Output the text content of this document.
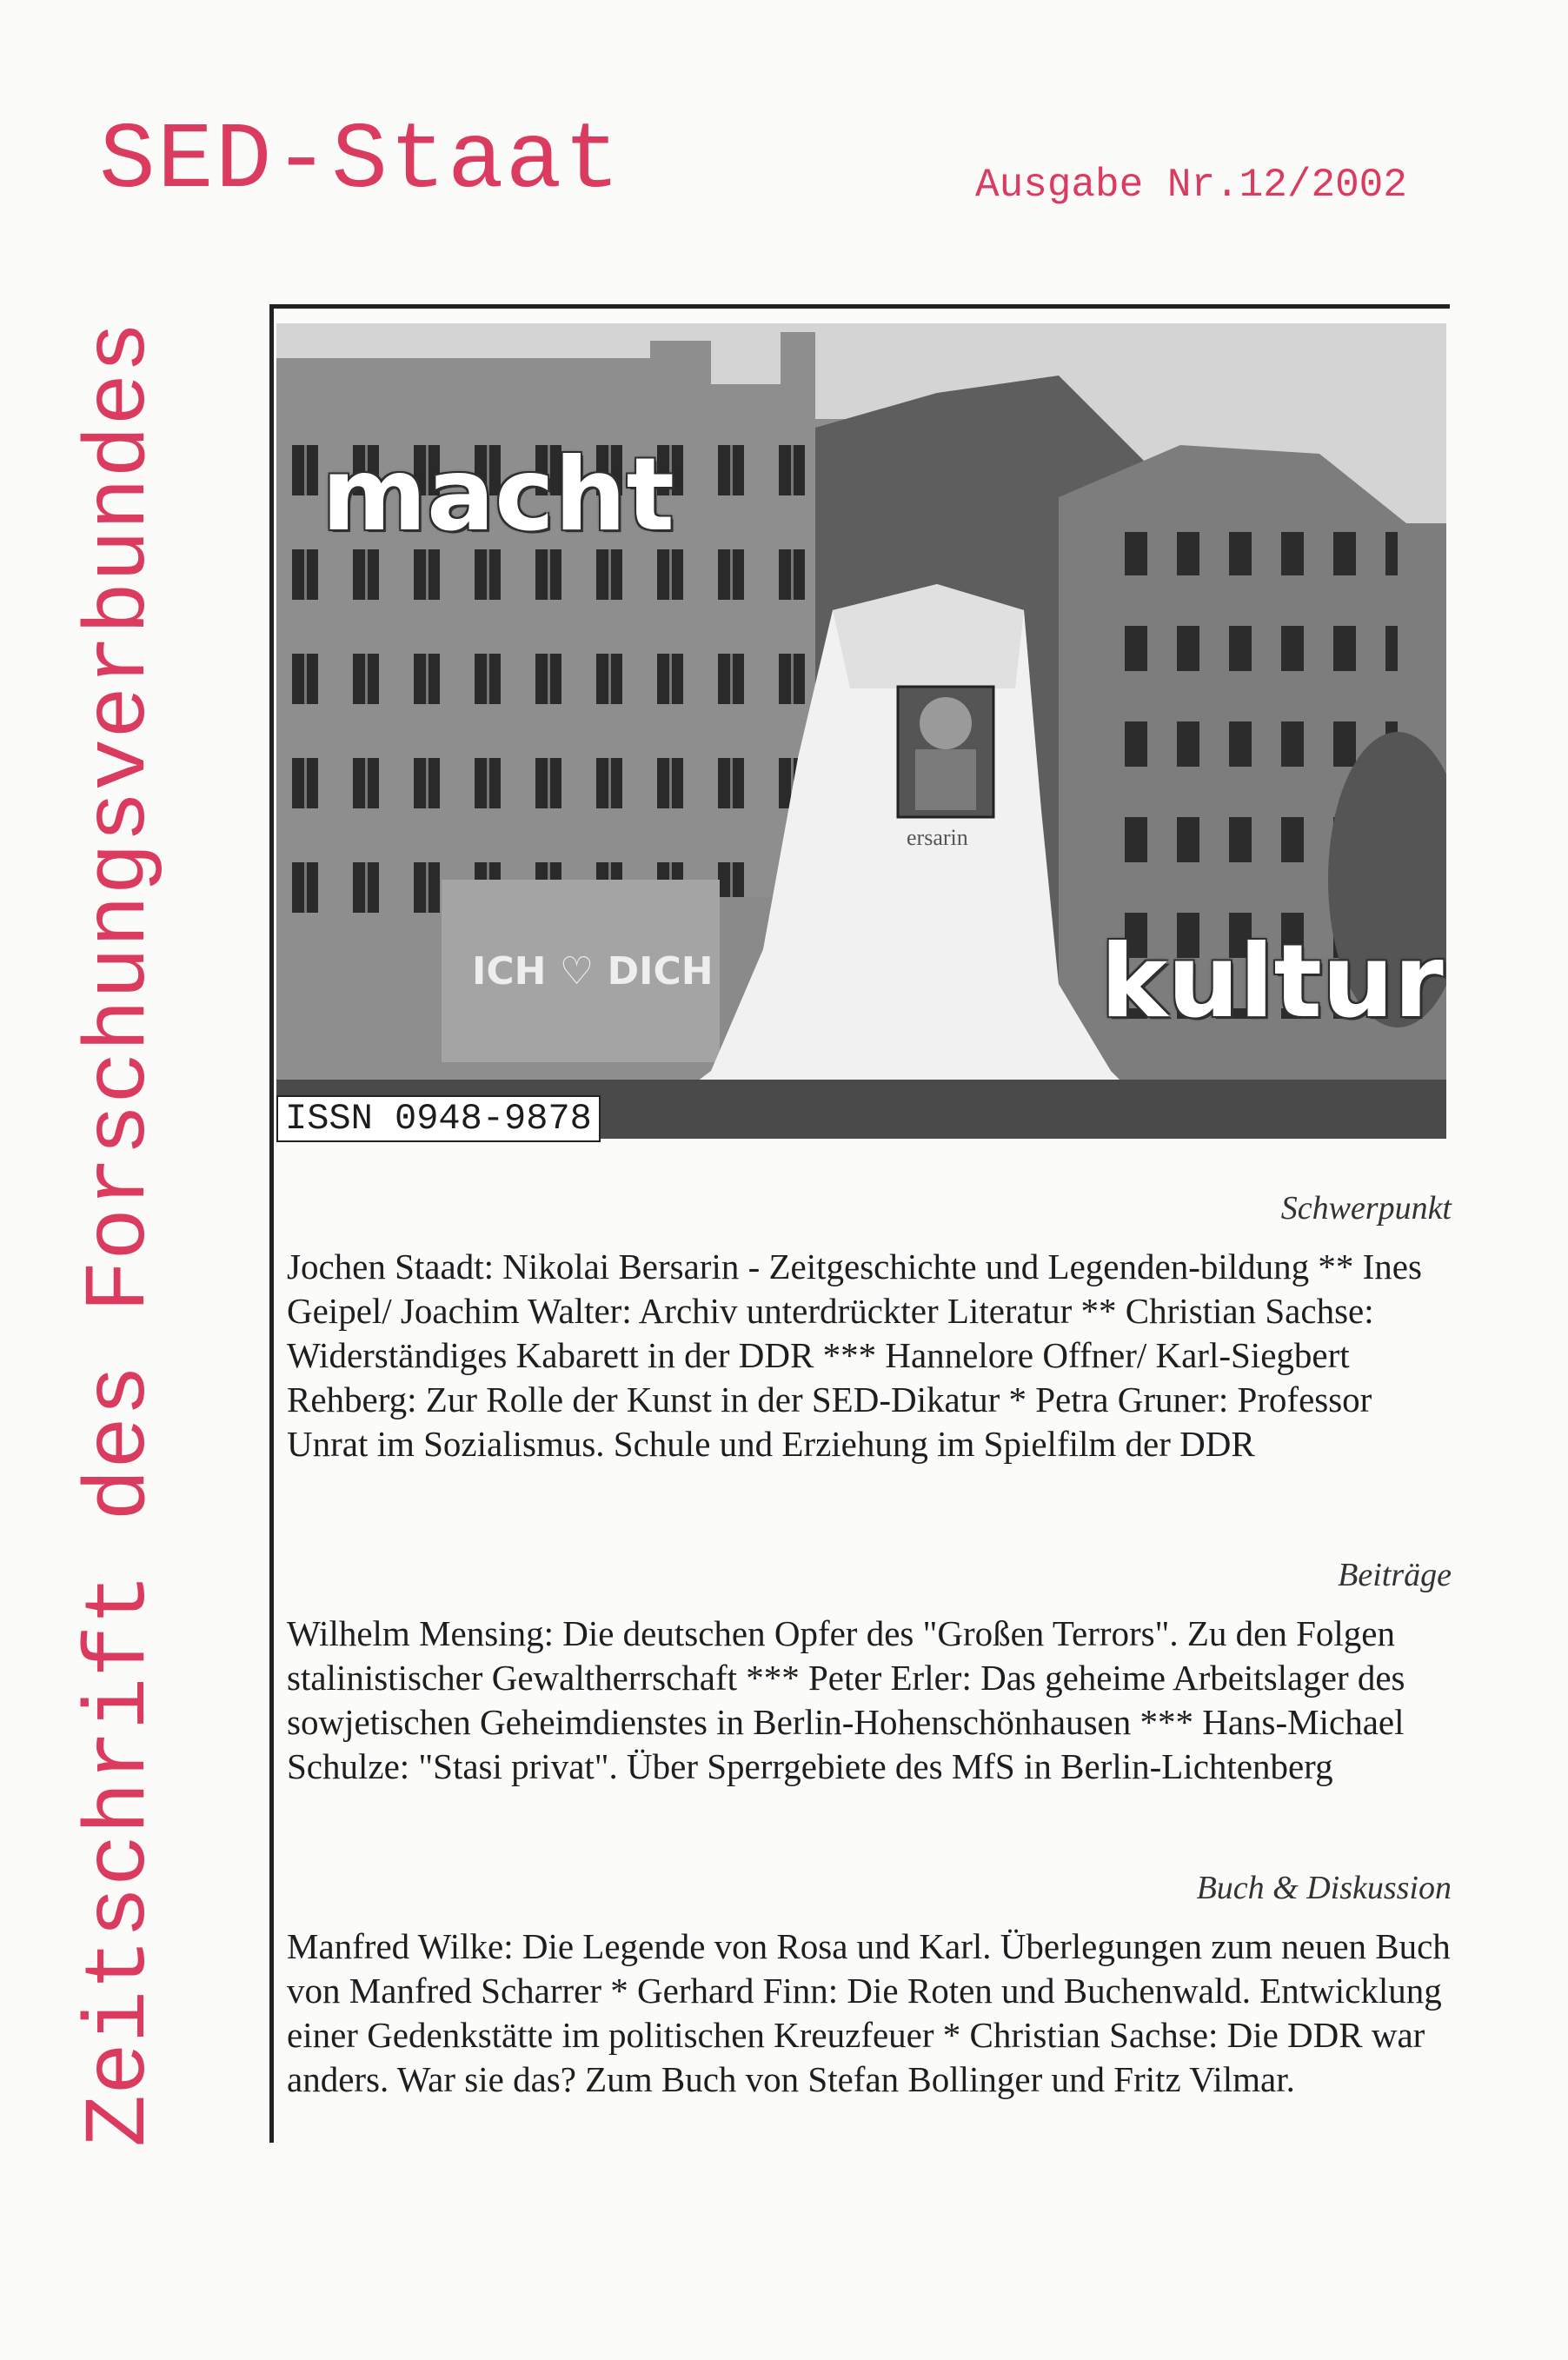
SED-Staat	Ausgabe Nr.12/2002
Zeitschrift des Forschungsverbundes	ICH ♡ DICH
ersarin
macht
kultur
ISSN 0948-9878
Schwerpunkt

Jochen Staadt: Nikolai Bersarin - Zeitgeschichte und Legenden-bildung ** Ines Geipel/ Joachim Walter: Archiv unterdrückter Literatur ** Christian Sachse: Widerständiges Kabarett in der DDR *** Hannelore Offner/ Karl-Siegbert Rehberg: Zur Rolle der Kunst in der SED-Dikatur * Petra Gruner: Professor Unrat im Sozialismus. Schule und Erziehung im Spielfilm der DDR

Beiträge

Wilhelm Mensing: Die deutschen Opfer des "Großen Terrors". Zu den Folgen stalinistischer Gewaltherrschaft *** Peter Erler: Das geheime Arbeitslager des sowjetischen Geheimdienstes in Berlin-Hohenschönhausen *** Hans-Michael Schulze: "Stasi privat". Über Sperrgebiete des MfS in Berlin-Lichtenberg

Buch & Diskussion

Manfred Wilke: Die Legende von Rosa und Karl. Überlegungen zum neuen Buch von Manfred Scharrer * Gerhard Finn: Die Roten und Buchenwald. Entwicklung einer Gedenkstätte im politischen Kreuzfeuer * Christian Sachse: Die DDR war anders. War sie das? Zum Buch von Stefan Bollinger und Fritz Vilmar.
